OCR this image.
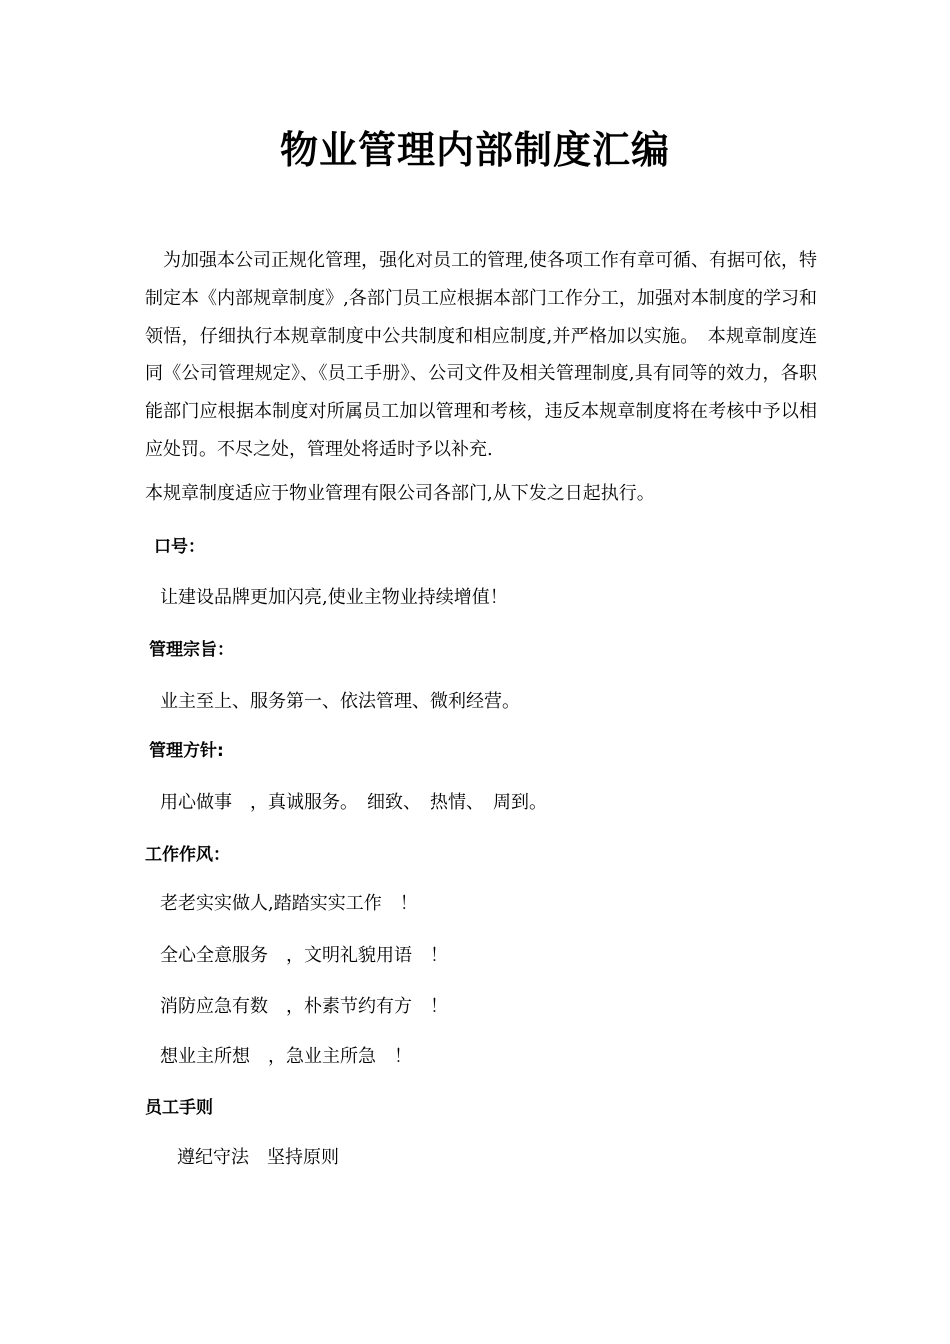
物业管理内部制度汇编

为加强本公司正规化管理，强化对员工的管理,使各项工作有章可循、有据可依，特制定本《内部规章制度》,各部门员工应根据本部门工作分工，加强对本制度的学习和领悟，仔细执行本规章制度中公共制度和相应制度,并严格加以实施。　本规章制度连同《公司管理规定》、《员工手册》、公司文件及相关管理制度,具有同等的效力，各职能部门应根据本制度对所属员工加以管理和考核，违反本规章制度将在考核中予以相应处罚。不尽之处，管理处将适时予以补充.

本规章制度适应于物业管理有限公司各部门,从下发之日起执行。

口号：

让建设品牌更加闪亮,使业主物业持续增值！

管理宗旨：

业主至上、服务第一、依法管理、微利经营。

管理方针:

用心做事　，真诚服务。　细致、　热情、　周到。

工作作风：

老老实实做人,踏踏实实工作　！

全心全意服务　，文明礼貌用语　！

消防应急有数　，朴素节约有方　！

想业主所想　，急业主所急　！

员工手则

遵纪守法　坚持原则
